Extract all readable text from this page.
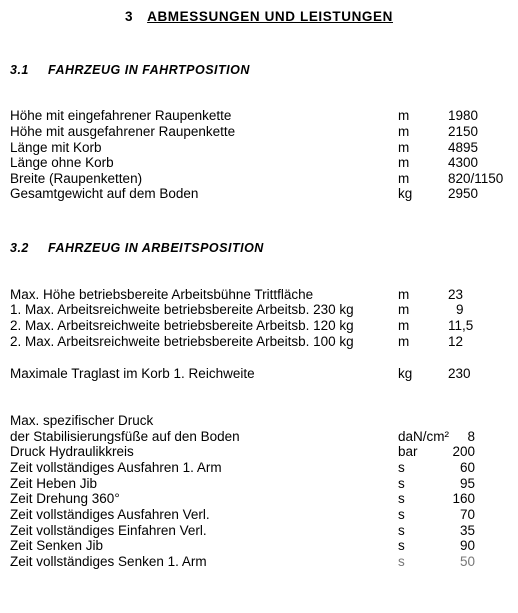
3 ABMESSUNGEN UND LEISTUNGEN
3.1 FAHRZEUG IN FAHRTPOSITION
Höhe mit eingefahrener Raupenkette	m	1980
Höhe mit ausgefahrener Raupenkette	m	2150
Länge mit Korb	m	4895
Länge ohne Korb	m	4300
Breite (Raupenketten)	m	820/1150
Gesamtgewicht auf dem Boden	kg	2950
3.2 FAHRZEUG IN ARBEITSPOSITION
Max. Höhe betriebsbereite Arbeitsbühne Trittfläche	m	23
1. Max. Arbeitsreichweite betriebsbereite Arbeitsb. 230 kg	m	9
2. Max. Arbeitsreichweite betriebsbereite Arbeitsb. 120 kg	m	11,5
2. Max. Arbeitsreichweite betriebsbereite Arbeitsb. 100 kg	m	12
Maximale Traglast im Korb 1. Reichweite	kg	230
Max. spezifischer Druck
der Stabilisierungsfüße auf den Boden	daN/cm² 8
Druck Hydraulikkreis	bar	200
Zeit vollständiges Ausfahren 1. Arm	s	60
Zeit Heben Jib	s	95
Zeit Drehung 360°	s	160
Zeit vollständiges Ausfahren Verl.	s	70
Zeit vollständiges Einfahren Verl.	s	35
Zeit Senken Jib	s	90
Zeit vollständiges Senken 1. Arm	s	50
